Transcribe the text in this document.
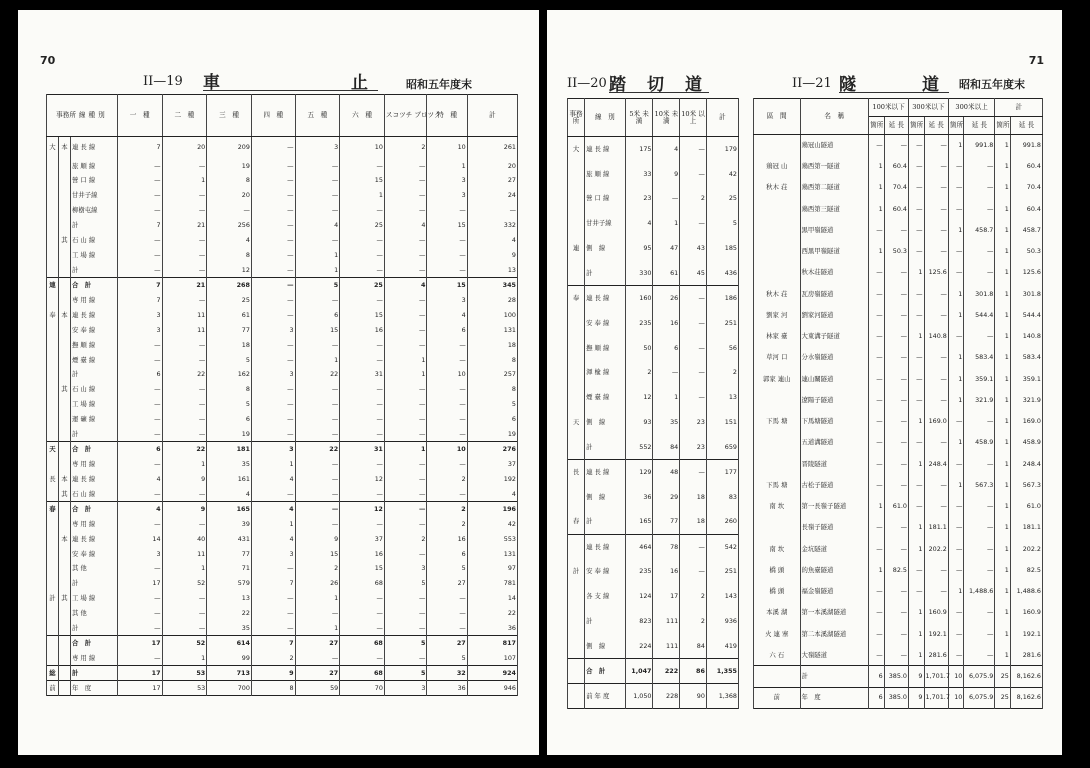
70
II—19 車	止	昭和五年度末
事務所 線 種 別			一　種	二　種	三　種	四　種	五　種	六　種	スコツチ ブロツク	特　種	計
大	本	連 長 線	7	20	209	—	3	10	2	10	261
		旅 順 線	—	—	19	—	—	—	—	1	20
		營 口 線	—	1	8	—	—	15	—	3	27
		甘井子線	—	—	20	—	—	1	—	3	24
		柳樹屯線	—	—	—	—	—	—	—	—	—
		計	7	21	256	—	4	25	4	15	332
	其	石 山 線	—	—	4	—	—	—	—	—	4
		工 場 線	—	—	8	—	1	—	—	—	9
		計	—	—	12	—	1	—	—	—	13
連		合　計	7	21	268	—	5	25	4	15	345
		専 用 線	7	—	25	—	—	—	—	3	28
奉	本	連 長 線	3	11	61	—	6	15	—	4	100
		安 奉 線	3	11	77	3	15	16	—	6	131
		撫 順 線	—	—	18	—	—	—	—	—	18
		煙 臺 線	—	—	5	—	1	—	1	—	8
		計	6	22	162	3	22	31	1	10	257
	其	石 山 線	—	—	8	—	—	—	—	—	8
		工 場 線	—	—	5	—	—	—	—	—	5
		運 礦 線	—	—	6	—	—	—	—	—	6
		計	—	—	19	—	—	—	—	—	19
天		合　計	6	22	181	3	22	31	1	10	276
		専 用 線	—	1	35	1	—	—	—	—	37
長	本	連 長 線	4	9	161	4	—	12	—	2	192
	其	石 山 線	—	—	4	—	—	—	—	—	4
春		合　計	4	9	165	4	—	12	—	2	196
		専 用 線	—	—	39	1	—	—	—	2	42
	本	連 長 線	14	40	431	4	9	37	2	16	553
		安 奉 線	3	11	77	3	15	16	—	6	131
		其 他	—	1	71	—	2	15	3	5	97
		計	17	52	579	7	26	68	5	27	781
計	其	工 場 線	—	—	13	—	1	—	—	—	14
		其 他	—	—	22	—	—	—	—	—	22
		計	—	—	35	—	1	—	—	—	36
		合　計	17	52	614	7	27	68	5	27	817
		専 用 線	—	1	99	2	—	—	—	5	107
総		計	17	53	713	9	27	68	5	32	924
前		年　度	17	53	700	8	59	70	3	36	946
71
II—20 踏　切　道	II—21 隧	道 昭和五年度末
事務所	線　別	5米 未満	10米 未満	10米 以上	計
大	連 長 線	175	4	—	179
	旅 順 線	33	9	—	42
	營 口 線	23	—	2	25
	甘井子線	4	1	—	5
連	側　線	95	47	43	185
	計	330	61	45	436
奉	連 長 線	160	26	—	186
	安 奉 線	235	16	—	251
	撫 順 線	50	6	—	56
	渾 楡 線	2	—	—	2
	煙 臺 線	12	1	—	13
天	側　線	93	35	23	151
	計	552	84	23	659
長	連 長 線	129	48	—	177
	側　線	36	29	18	83
春	計	165	77	18	260
	連 長 線	464	78	—	542
計	安 奉 線	235	16	—	251
	各 支 線	124	17	2	143
	計	823	111	2	936
	側　線	224	111	84	419
	合　計	1,047	222	86	1,355
	前 年 度	1,050	228	90	1,368
區　間	名　稱	100米以下		300米以下		300米以上		計	
		箇所	延 長	箇所	延 長	箇所	延 長	箇所	延 長
	鶏冠山隧道	—	—	—	—	1	991.8	1	991.8
鶏冠 山	鶏西第一隧道	1	60.4	—	—	—	—	1	60.4
秋木 荘	鶏西第二隧道	1	70.4	—	—	—	—	1	70.4
	鶏西第三隧道	1	60.4	—	—	—	—	1	60.4
	黒甲嶺隧道	—	—	—	—	1	458.7	1	458.7
	西黒甲嶺隧道	1	50.3	—	—	—	—	1	50.3
	秋木荘隧道	—	—	1	125.6	—	—	1	125.6
秋木 荘	瓦房嶺隧道	—	—	—	—	1	301.8	1	301.8
劉家 河	劉家河隧道	—	—	—	—	1	544.4	1	544.4
林家 臺	大東溝子隧道	—	—	1	140.8	—	—	1	140.8
草河 口	分水嶺隧道	—	—	—	—	1	583.4	1	583.4
郭家 連山	連山關隧道	—	—	—	—	1	359.1	1	359.1
	遼陽子隧道	—	—	—	—	1	321.9	1	321.9
下馬 塘	下馬塘隧道	—	—	1	169.0	—	—	1	169.0
	五道溝隧道	—	—	—	—	1	458.9	1	458.9
	晋陵隧道	—	—	1	248.4	—	—	1	248.4
下馬 塘	古松子隧道	—	—	—	—	1	567.3	1	567.3
南 坎	第一長嶺子隧道	1	61.0	—	—	—	—	1	61.0
	長嶺子隧道	—	—	1	181.1	—	—	1	181.1
南 坎	金坑隧道	—	—	1	202.2	—	—	1	202.2
橋 頭	的魚臺隧道	1	82.5	—	—	—	—	1	82.5
橋 頭	福金嶺隧道	—	—	—	—	1	1,488.6	1	1,488.6
本溪 湖	第一本溪湖隧道	—	—	1	160.9	—	—	1	160.9
火 連 寨	第二本溪湖隧道	—	—	1	192.1	—	—	1	192.1
六 石	大嶺隧道	—	—	1	281.6	—	—	1	281.6
	計	6	385.0	9	1,701.7	10	6,075.9	25	8,162.6
前	年　度	6	385.0	9	1,701.7	10	6,075.9	25	8,162.6
